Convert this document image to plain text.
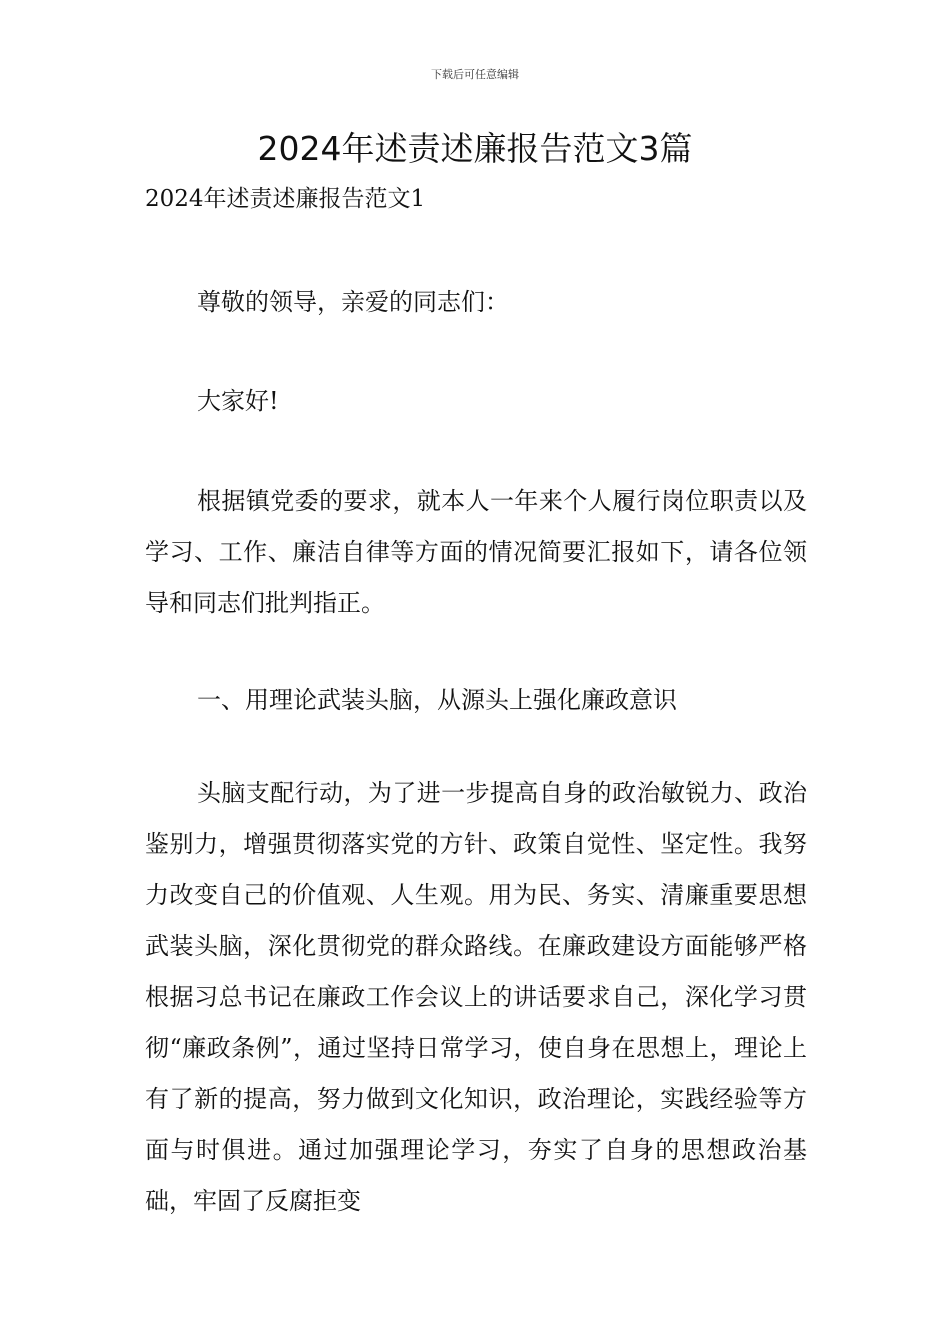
下载后可任意编辑
2024年述责述廉报告范文3篇
2024年述责述廉报告范文1

尊敬的领导，亲爱的同志们：

大家好!

根据镇党委的要求，就本人一年来个人履行岗位职责以及学习、工作、廉洁自律等方面的情况简要汇报如下，请各位领导和同志们批判指正。

一、用理论武装头脑，从源头上强化廉政意识

头脑支配行动，为了进一步提高自身的政治敏锐力、政治鉴别力，增强贯彻落实党的方针、政策自觉性、坚定性。我努力改变自己的价值观、人生观。用为民、务实、清廉重要思想武装头脑，深化贯彻党的群众路线。在廉政建设方面能够严格根据习总书记在廉政工作会议上的讲话要求自己，深化学习贯彻“廉政条例”，通过坚持日常学习，使自身在思想上，理论上有了新的提高，努力做到文化知识，政治理论，实践经验等方面与时俱进。通过加强理论学习，夯实了自身的思想政治基础，牢固了反腐拒变
